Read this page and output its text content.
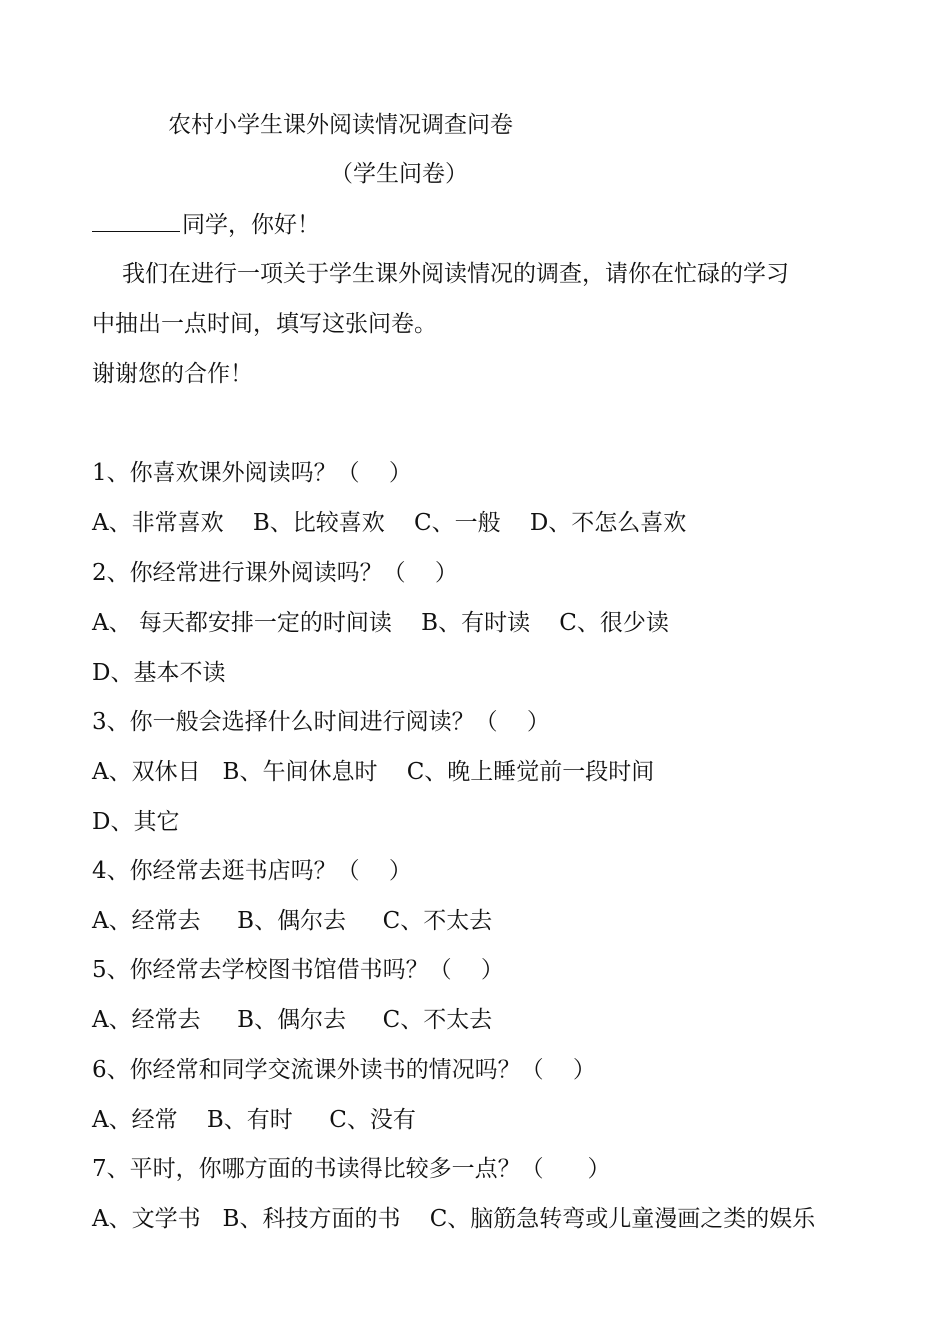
农村小学生课外阅读情况调查问卷
（学生问卷）
同学，你好！
我们在进行一项关于学生课外阅读情况的调查，请你在忙碌的学习
中抽出一点时间，填写这张问卷。
谢谢您的合作！
1、你喜欢课外阅读吗？（    ）
A、非常喜欢    B、比较喜欢    C、一般    D、不怎么喜欢
2、你经常进行课外阅读吗？（    ）
A、 每天都安排一定的时间读    B、有时读    C、很少读
D、基本不读
3、你一般会选择什么时间进行阅读？（    ）
A、双休日   B、午间休息时    C、晚上睡觉前一段时间
D、其它
4、你经常去逛书店吗？（    ）
A、经常去     B、偶尔去     C、不太去
5、你经常去学校图书馆借书吗？（    ）
A、经常去     B、偶尔去     C、不太去
6、你经常和同学交流课外读书的情况吗？（    ）
A、经常    B、有时     C、没有
7、平时，你哪方面的书读得比较多一点？（      ）
A、文学书   B、科技方面的书    C、脑筋急转弯或儿童漫画之类的娱乐
